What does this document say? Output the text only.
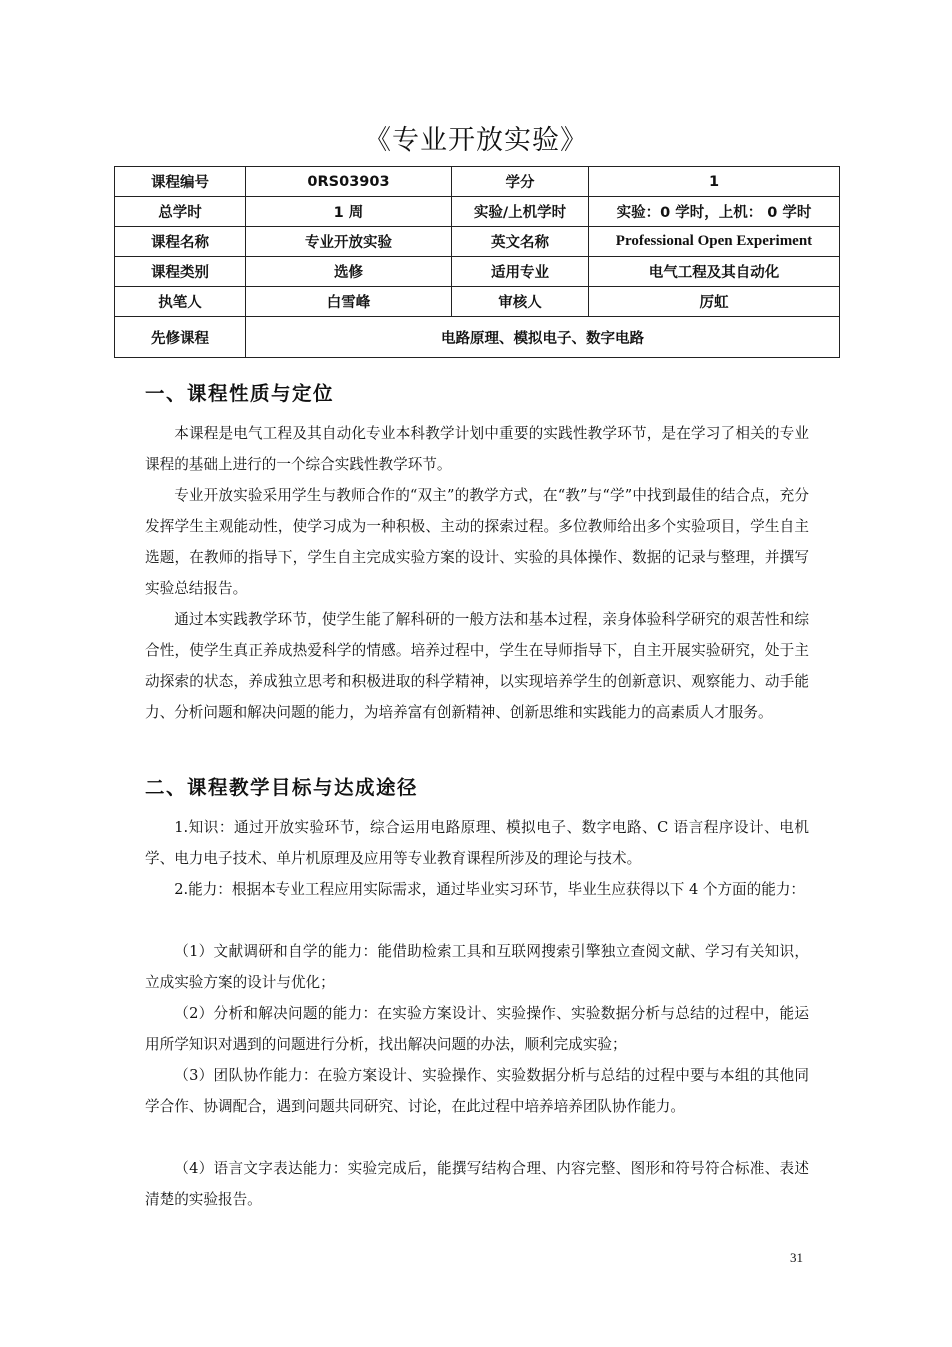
《专业开放实验》
课程编号	0RS03903	学分	1
总学时	1 周	实验/上机学时	实验：0 学时，上机： 0 学时
课程名称	专业开放实验	英文名称	Professional Open Experiment
课程类别	选修	适用专业	电气工程及其自动化
执笔人	白雪峰	审核人	厉虹
先修课程	电路原理、模拟电子、数字电路		
一、课程性质与定位

本课程是电气工程及其自动化专业本科教学计划中重要的实践性教学环节，是在学习了相关的专业课程的基础上进行的一个综合实践性教学环节。

专业开放实验采用学生与教师合作的“双主”的教学方式，在“教”与“学”中找到最佳的结合点，充分发挥学生主观能动性，使学习成为一种积极、主动的探索过程。多位教师给出多个实验项目，学生自主选题，在教师的指导下，学生自主完成实验方案的设计、实验的具体操作、数据的记录与整理，并撰写实验总结报告。

通过本实践教学环节，使学生能了解科研的一般方法和基本过程，亲身体验科学研究的艰苦性和综合性，使学生真正养成热爱科学的情感。培养过程中，学生在导师指导下，自主开展实验研究，处于主动探索的状态，养成独立思考和积极进取的科学精神，以实现培养学生的创新意识、观察能力、动手能力、分析问题和解决问题的能力，为培养富有创新精神、创新思维和实践能力的高素质人才服务。

二、课程教学目标与达成途径

1.知识：通过开放实验环节，综合运用电路原理、模拟电子、数字电路、C 语言程序设计、电机学、电力电子技术、单片机原理及应用等专业教育课程所涉及的理论与技术。

2.能力：根据本专业工程应用实际需求，通过毕业实习环节，毕业生应获得以下 4 个方面的能力：

（1）文献调研和自学的能力：能借助检索工具和互联网搜索引擎独立查阅文献、学习有关知识，立成实验方案的设计与优化；

（2）分析和解决问题的能力：在实验方案设计、实验操作、实验数据分析与总结的过程中，能运用所学知识对遇到的问题进行分析，找出解决问题的办法，顺利完成实验；

（3）团队协作能力：在验方案设计、实验操作、实验数据分析与总结的过程中要与本组的其他同学合作、协调配合，遇到问题共同研究、讨论，在此过程中培养培养团队协作能力。

（4）语言文字表达能力：实验完成后，能撰写结构合理、内容完整、图形和符号符合标准、表述清楚的实验报告。

31
